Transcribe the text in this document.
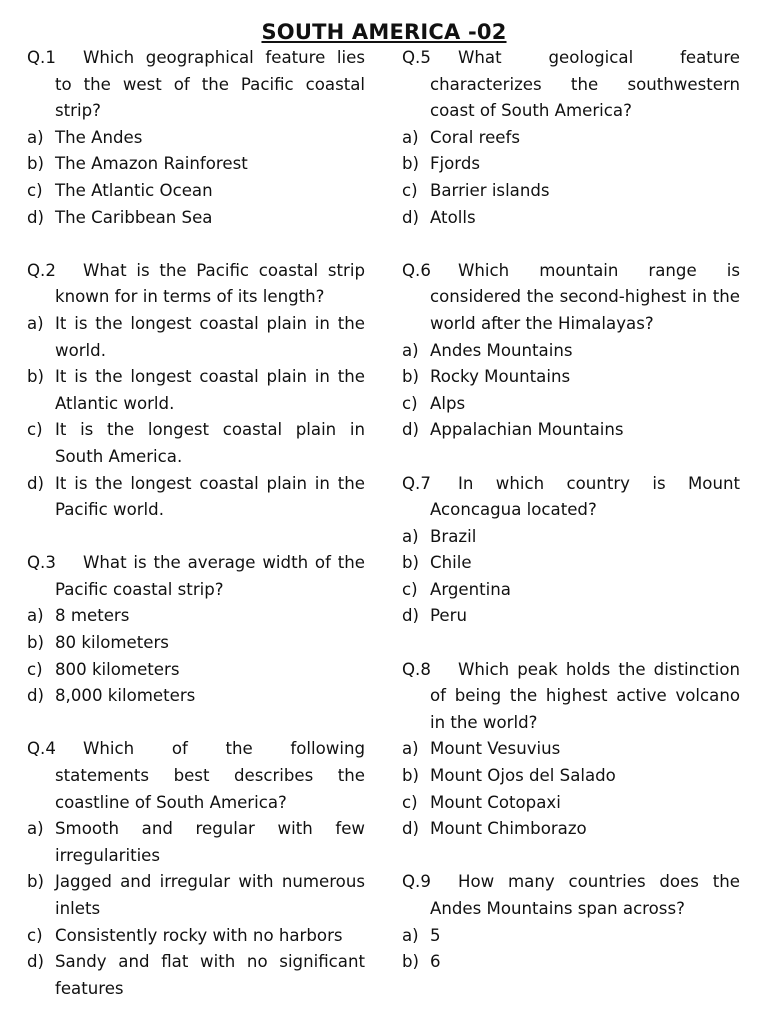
SOUTH AMERICA -02
Q.1 Which geographical feature lies to the west of the Pacific coastal strip?
a) The Andes
b) The Amazon Rainforest
c) The Atlantic Ocean
d) The Caribbean Sea
Q.2 What is the Pacific coastal strip known for in terms of its length?
a) It is the longest coastal plain in the world.
b) It is the longest coastal plain in the Atlantic world.
c) It is the longest coastal plain in South America.
d) It is the longest coastal plain in the Pacific world.
Q.3 What is the average width of the Pacific coastal strip?
a) 8 meters
b) 80 kilometers
c) 800 kilometers
d) 8,000 kilometers
Q.4 Which of the following statements best describes the coastline of South America?
a) Smooth and regular with few irregularities
b) Jagged and irregular with numerous inlets
c) Consistently rocky with no harbors
d) Sandy and flat with no significant features
Q.5 What geological feature characterizes the southwestern coast of South America?
a) Coral reefs
b) Fjords
c) Barrier islands
d) Atolls
Q.6 Which mountain range is considered the second-highest in the world after the Himalayas?
a) Andes Mountains
b) Rocky Mountains
c) Alps
d) Appalachian Mountains
Q.7 In which country is Mount Aconcagua located?
a) Brazil
b) Chile
c) Argentina
d) Peru
Q.8 Which peak holds the distinction of being the highest active volcano in the world?
a) Mount Vesuvius
b) Mount Ojos del Salado
c) Mount Cotopaxi
d) Mount Chimborazo
Q.9 How many countries does the Andes Mountains span across?
a) 5
b) 6
